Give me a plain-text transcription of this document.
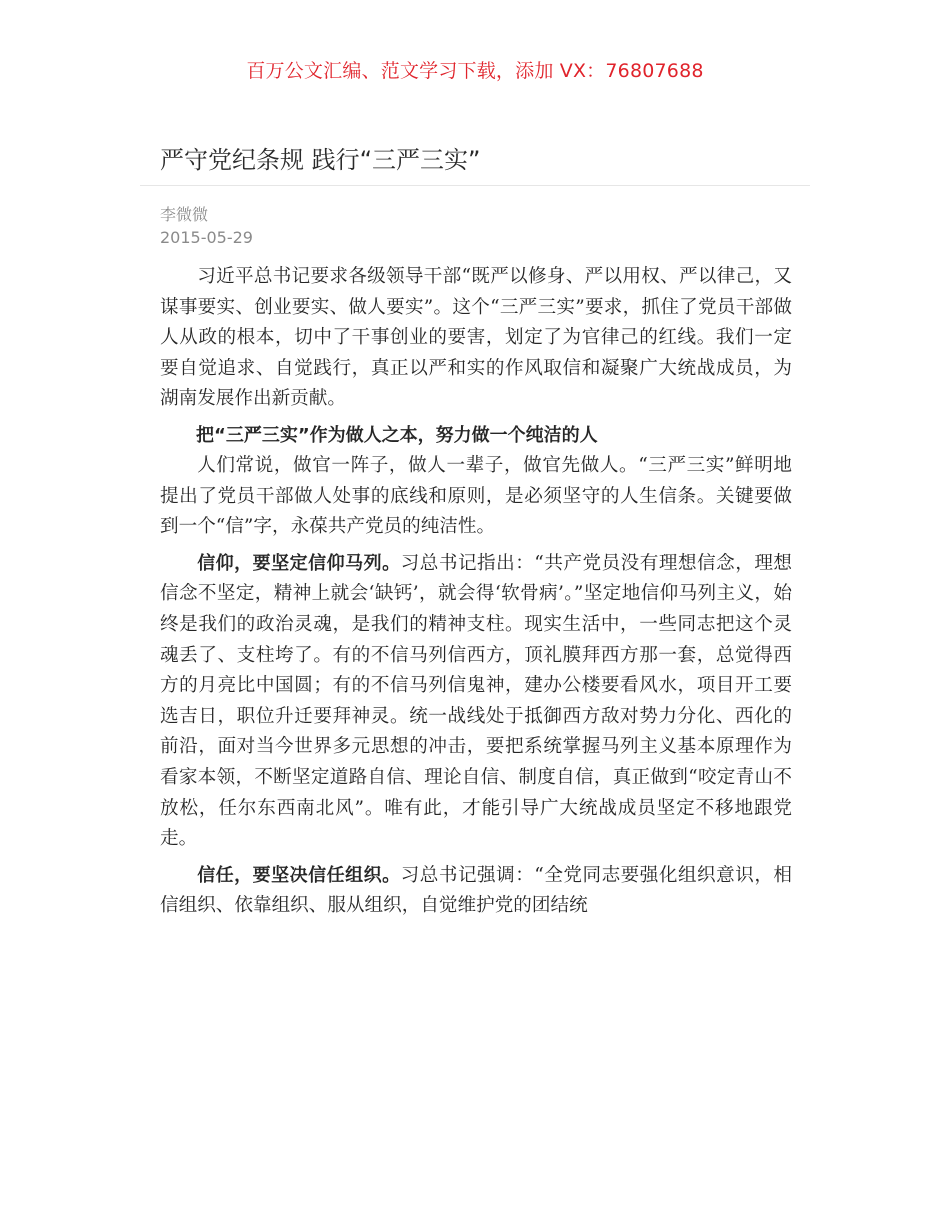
百万公文汇编、范文学习下载，添加 VX：76807688
严守党纪条规 践行“三严三实”
李微微
2015-05-29

习近平总书记要求各级领导干部“既严以修身、严以用权、严以律己，又谋事要实、创业要实、做人要实”。这个“三严三实”要求，抓住了党员干部做人从政的根本，切中了干事创业的要害，划定了为官律己的红线。我们一定要自觉追求、自觉践行，真正以严和实的作风取信和凝聚广大统战成员，为湖南发展作出新贡献。

把“三严三实”作为做人之本，努力做一个纯洁的人

人们常说，做官一阵子，做人一辈子，做官先做人。“三严三实”鲜明地提出了党员干部做人处事的底线和原则，是必须坚守的人生信条。关键要做到一个“信”字，永葆共产党员的纯洁性。

信仰，要坚定信仰马列。习总书记指出：“共产党员没有理想信念，理想信念不坚定，精神上就会‘缺钙’，就会得‘软骨病’。”坚定地信仰马列主义，始终是我们的政治灵魂，是我们的精神支柱。现实生活中，一些同志把这个灵魂丢了、支柱垮了。有的不信马列信西方，顶礼膜拜西方那一套，总觉得西方的月亮比中国圆；有的不信马列信鬼神，建办公楼要看风水，项目开工要选吉日，职位升迁要拜神灵。统一战线处于抵御西方敌对势力分化、西化的前沿，面对当今世界多元思想的冲击，要把系统掌握马列主义基本原理作为看家本领，不断坚定道路自信、理论自信、制度自信，真正做到“咬定青山不放松，任尔东西南北风”。唯有此，才能引导广大统战成员坚定不移地跟党走。

信任，要坚决信任组织。习总书记强调：“全党同志要强化组织意识，相信组织、依靠组织、服从组织，自觉维护党的团结统
